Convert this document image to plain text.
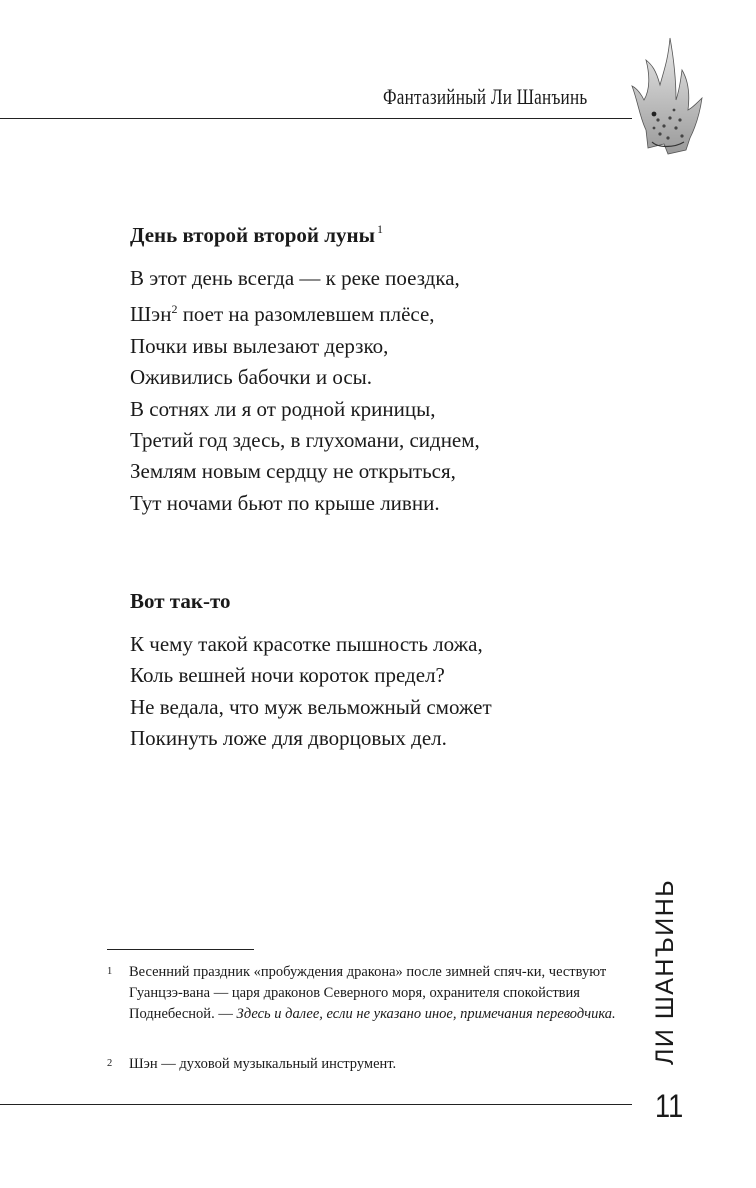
Фантазийный Ли Шанъинь
День второй второй луны $^1$
В этот день всегда — к реке поездка,
Шэн$^2$ поет на разомлевшем плёсе,
Почки ивы вылезают дерзко,
Оживились бабочки и осы.
В сотнях ли я от родной криницы,
Третий год здесь, в глухомани, сиднем,
Землям новым сердцу не открыться,
Тут ночами бьют по крыше ливни.
Вот так-то
К чему такой красотке пышность ложа,
Коль вешней ночи короток предел?
Не ведала, что муж вельможный сможет
Покинуть ложе для дворцовых дел.
1 Весенний праздник «пробуждения дракона» после зимней спяч-ки, чествуют Гуанцзэ-вана — царя драконов Северного моря, охранителя спокойствия Поднебесной. — Здесь и далее, если не указано иное, примечания переводчика.
2 Шэн — духовой музыкальный инструмент.	ЛИ ШАНЪИНЬ
11
